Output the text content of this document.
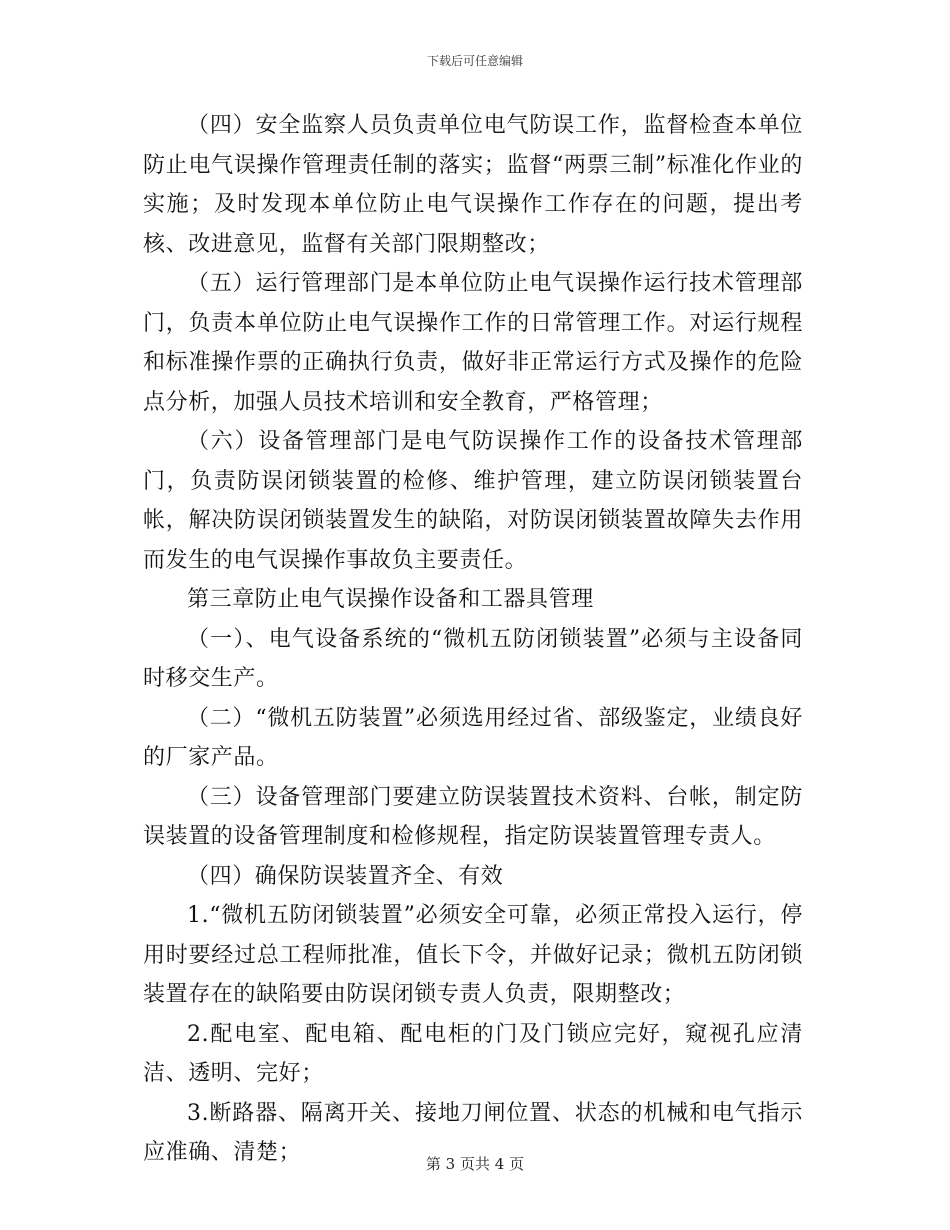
下载后可任意编辑

（四）安全监察人员负责单位电气防误工作，监督检查本单位防止电气误操作管理责任制的落实；监督“两票三制”标准化作业的实施；及时发现本单位防止电气误操作工作存在的问题，提出考核、改进意见，监督有关部门限期整改；

（五）运行管理部门是本单位防止电气误操作运行技术管理部门，负责本单位防止电气误操作工作的日常管理工作。对运行规程和标准操作票的正确执行负责，做好非正常运行方式及操作的危险点分析，加强人员技术培训和安全教育，严格管理；

（六）设备管理部门是电气防误操作工作的设备技术管理部门，负责防误闭锁装置的检修、维护管理，建立防误闭锁装置台帐，解决防误闭锁装置发生的缺陷，对防误闭锁装置故障失去作用而发生的电气误操作事故负主要责任。

第三章防止电气误操作设备和工器具管理

（一）、电气设备系统的“微机五防闭锁装置”必须与主设备同时移交生产。

（二）“微机五防装置”必须选用经过省、部级鉴定，业绩良好的厂家产品。

（三）设备管理部门要建立防误装置技术资料、台帐，制定防误装置的设备管理制度和检修规程，指定防误装置管理专责人。

（四）确保防误装置齐全、有效

1.“微机五防闭锁装置”必须安全可靠，必须正常投入运行，停用时要经过总工程师批准，值长下令，并做好记录；微机五防闭锁装置存在的缺陷要由防误闭锁专责人负责，限期整改；

2.配电室、配电箱、配电柜的门及门锁应完好，窥视孔应清洁、透明、完好；

3.断路器、隔离开关、接地刀闸位置、状态的机械和电气指示应准确、清楚；	第 3 页共 4 页
